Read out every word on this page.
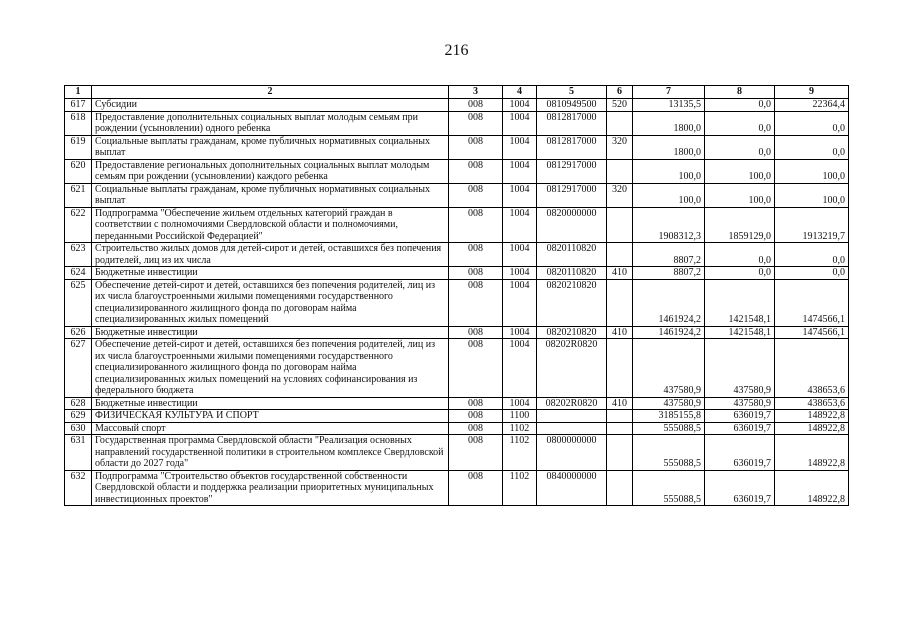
216
1	2	3	4	5	6	7	8	9
617	Субсидии	008	1004	0810949500	520	13135,5	0,0	22364,4
618	Предоставление дополнительных социальных выплат молодым семьям при рождении (усыновлении) одного ребенка	008	1004	0812817000		1800,0	0,0	0,0
619	Социальные выплаты гражданам, кроме публичных нормативных социальных выплат	008	1004	0812817000	320	1800,0	0,0	0,0
620	Предоставление региональных дополнительных социальных выплат молодым семьям при рождении (усыновлении) каждого ребенка	008	1004	0812917000		100,0	100,0	100,0
621	Социальные выплаты гражданам, кроме публичных нормативных социальных выплат	008	1004	0812917000	320	100,0	100,0	100,0
622	Подпрограмма "Обеспечение жильем отдельных категорий граждан в соответствии с полномочиями Свердловской области и полномочиями, переданными Российской Федерацией"	008	1004	0820000000		1908312,3	1859129,0	1913219,7
623	Строительство жилых домов для детей-сирот и детей, оставшихся без попечения родителей, лиц из их числа	008	1004	0820110820		8807,2	0,0	0,0
624	Бюджетные инвестиции	008	1004	0820110820	410	8807,2	0,0	0,0
625	Обеспечение детей-сирот и детей, оставшихся без попечения родителей, лиц из их числа благоустроенными жилыми помещениями государственного специализированного жилищного фонда по договорам найма специализированных жилых помещений	008	1004	0820210820		1461924,2	1421548,1	1474566,1
626	Бюджетные инвестиции	008	1004	0820210820	410	1461924,2	1421548,1	1474566,1
627	Обеспечение детей-сирот и детей, оставшихся без попечения родителей, лиц из их числа благоустроенными жилыми помещениями государственного специализированного жилищного фонда по договорам найма специализированных жилых помещений на условиях софинансирования из федерального бюджета	008	1004	08202R0820		437580,9	437580,9	438653,6
628	Бюджетные инвестиции	008	1004	08202R0820	410	437580,9	437580,9	438653,6
629	ФИЗИЧЕСКАЯ КУЛЬТУРА И СПОРТ	008	1100			3185155,8	636019,7	148922,8
630	Массовый спорт	008	1102			555088,5	636019,7	148922,8
631	Государственная программа Свердловской области "Реализация основных направлений государственной политики в строительном комплексе Свердловской области до 2027 года"	008	1102	0800000000		555088,5	636019,7	148922,8
632	Подпрограмма "Строительство объектов государственной собственности Свердловской области и поддержка реализации приоритетных муниципальных инвестиционных проектов"	008	1102	0840000000		555088,5	636019,7	148922,8
